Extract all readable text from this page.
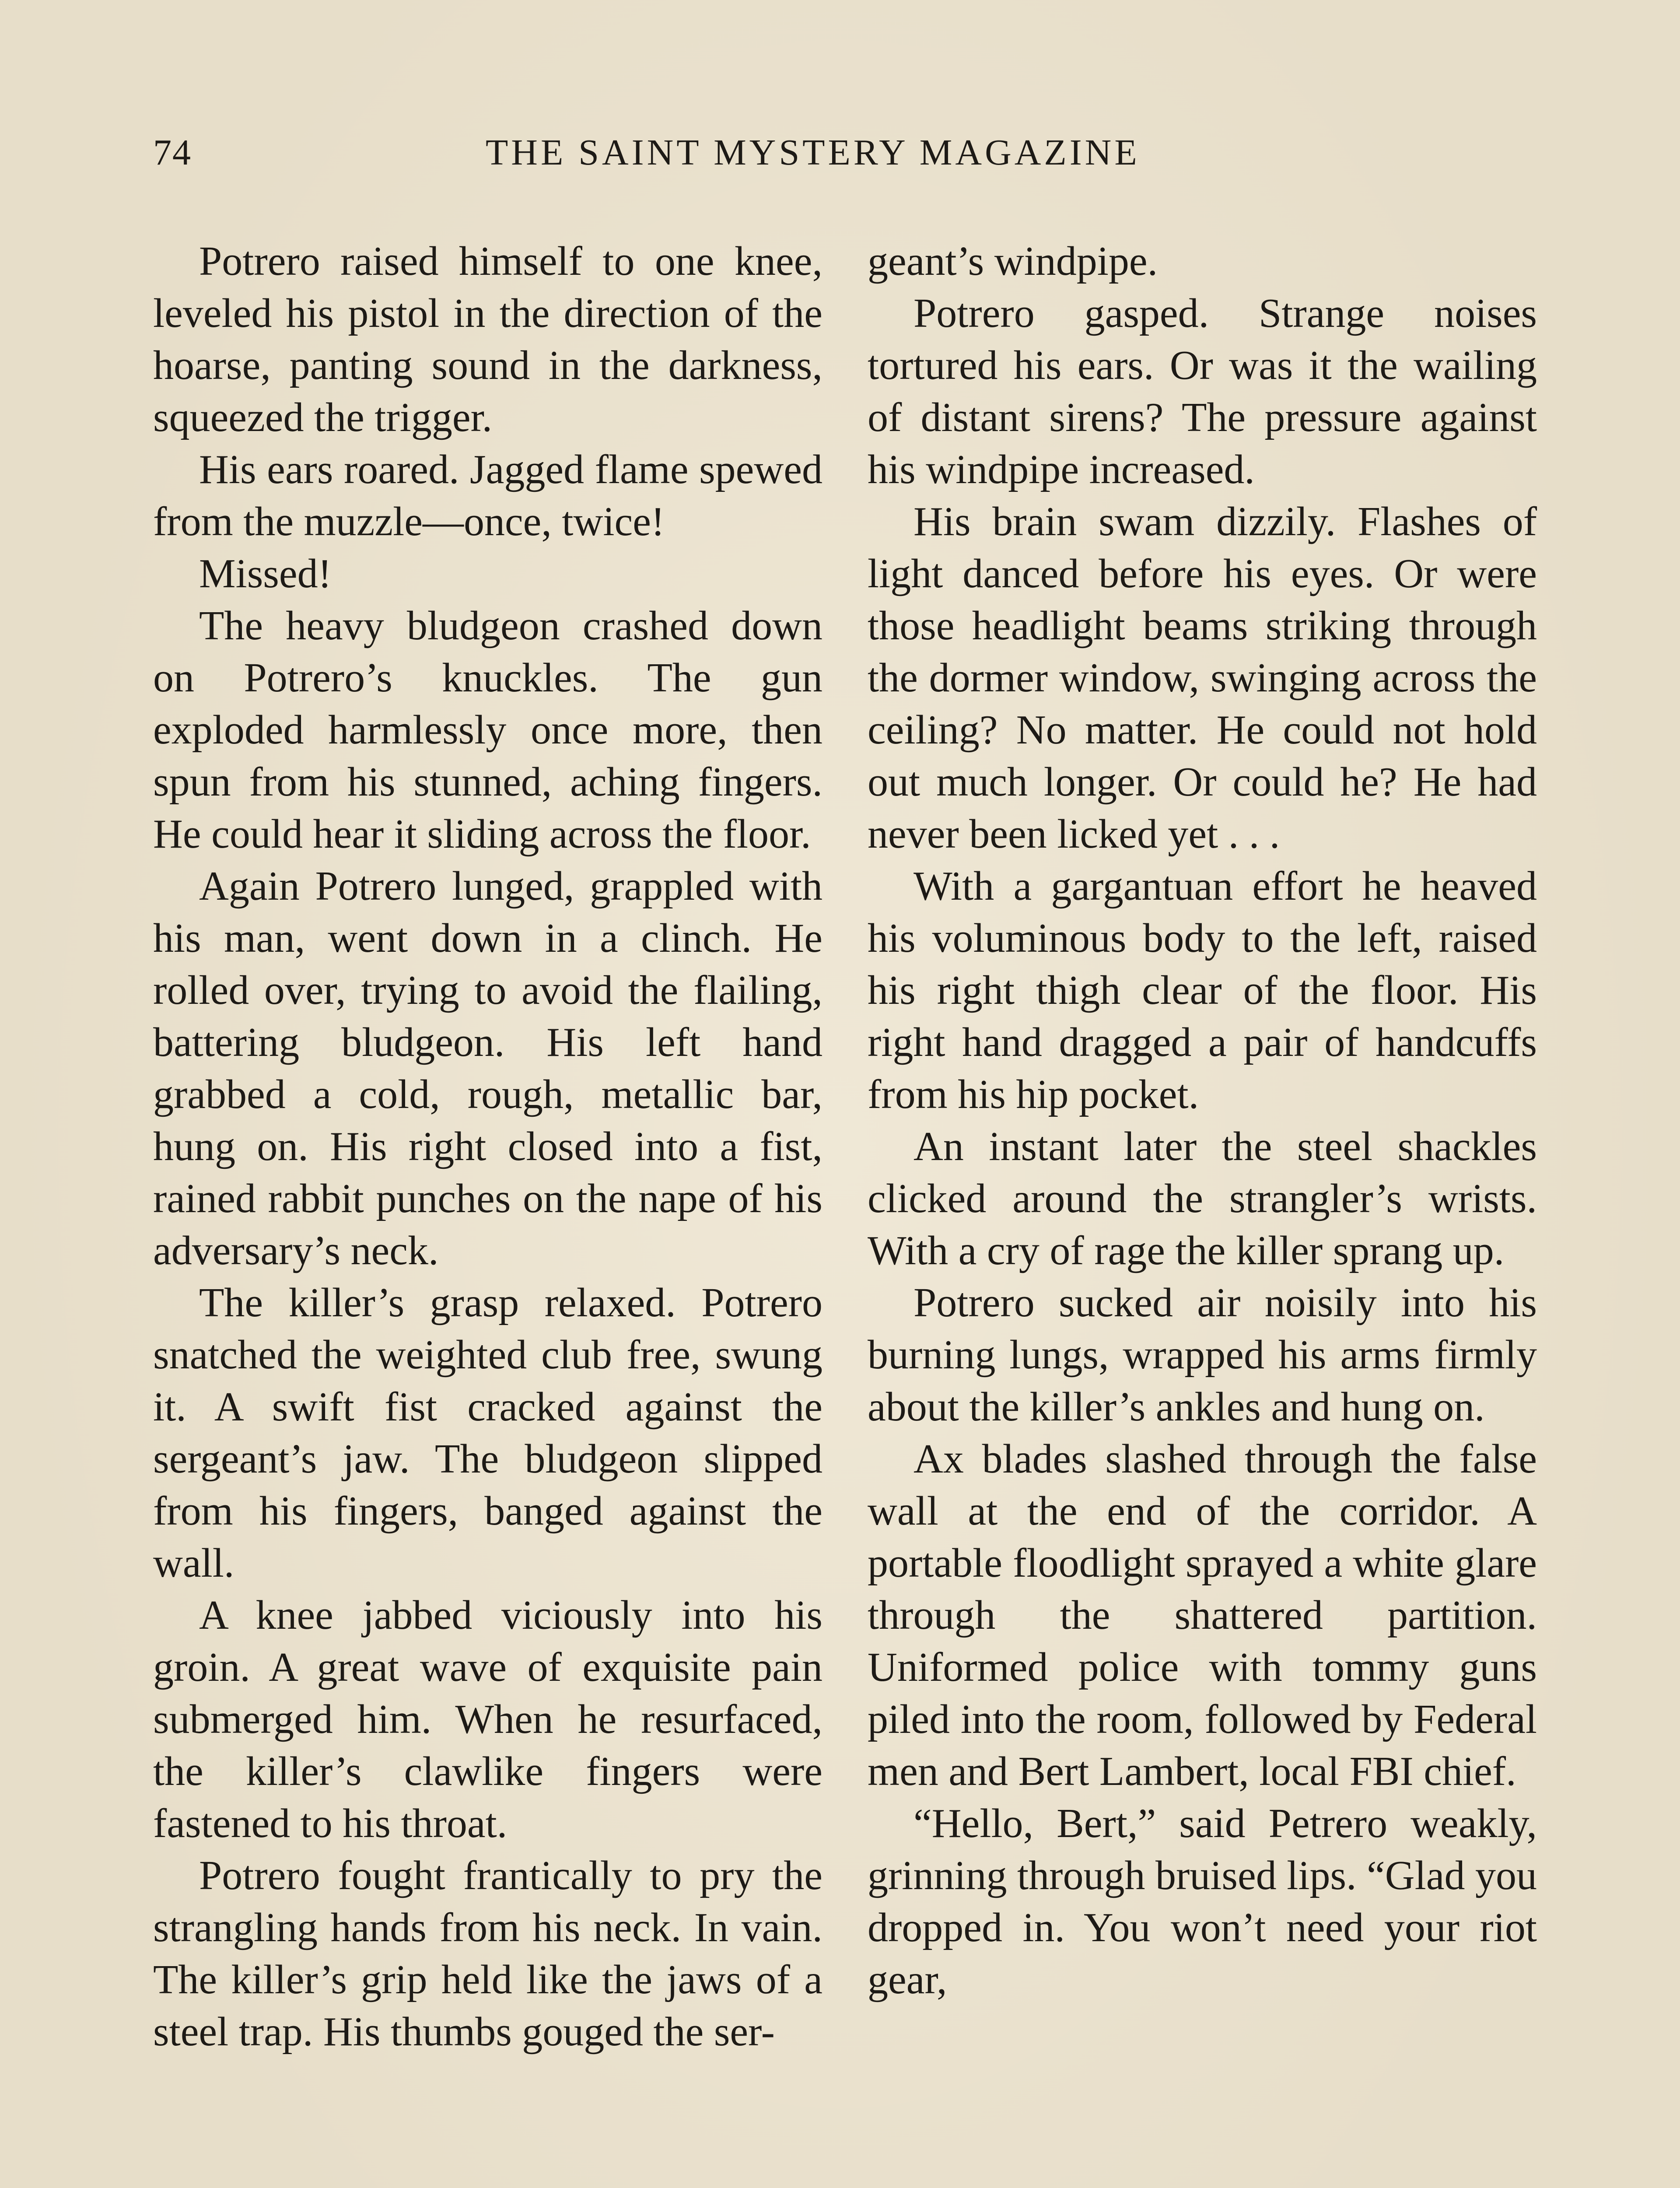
74	THE SAINT MYSTERY MAGAZINE

Potrero raised himself to one knee, leveled his pistol in the direction of the hoarse, panting sound in the darkness, squeezed the trigger.

His ears roared. Jagged flame spewed from the muzzle—once, twice!

Missed!

The heavy bludgeon crashed down on Potrero’s knuckles. The gun exploded harmlessly once more, then spun from his stunned, aching fingers. He could hear it sliding across the floor.

Again Potrero lunged, grappled with his man, went down in a clinch. He rolled over, trying to avoid the flailing, battering bludgeon. His left hand grabbed a cold, rough, metallic bar, hung on. His right closed into a fist, rained rabbit punches on the nape of his adversary’s neck.

The killer’s grasp relaxed. Potrero snatched the weighted club free, swung it. A swift fist cracked against the sergeant’s jaw. The bludgeon slipped from his fingers, banged against the wall.

A knee jabbed viciously into his groin. A great wave of exquisite pain submerged him. When he resurfaced, the killer’s clawlike fingers were fastened to his throat.

Potrero fought frantically to pry the strangling hands from his neck. In vain. The killer’s grip held like the jaws of a steel trap. His thumbs gouged the ser-

geant’s windpipe.

Potrero gasped. Strange noises tortured his ears. Or was it the wailing of distant sirens? The pressure against his windpipe increased.

His brain swam dizzily. Flashes of light danced before his eyes. Or were those headlight beams striking through the dormer window, swinging across the ceiling? No matter. He could not hold out much longer. Or could he? He had never been licked yet . . .

With a gargantuan effort he heaved his voluminous body to the left, raised his right thigh clear of the floor. His right hand dragged a pair of handcuffs from his hip pocket.

An instant later the steel shackles clicked around the strangler’s wrists. With a cry of rage the killer sprang up.

Potrero sucked air noisily into his burning lungs, wrapped his arms firmly about the killer’s ankles and hung on.

Ax blades slashed through the false wall at the end of the corridor. A portable floodlight sprayed a white glare through the shattered partition. Uniformed police with tommy guns piled into the room, followed by Federal men and Bert Lambert, local FBI chief.

“Hello, Bert,” said Petrero weakly, grinning through bruised lips. “Glad you dropped in. You won’t need your riot gear,
